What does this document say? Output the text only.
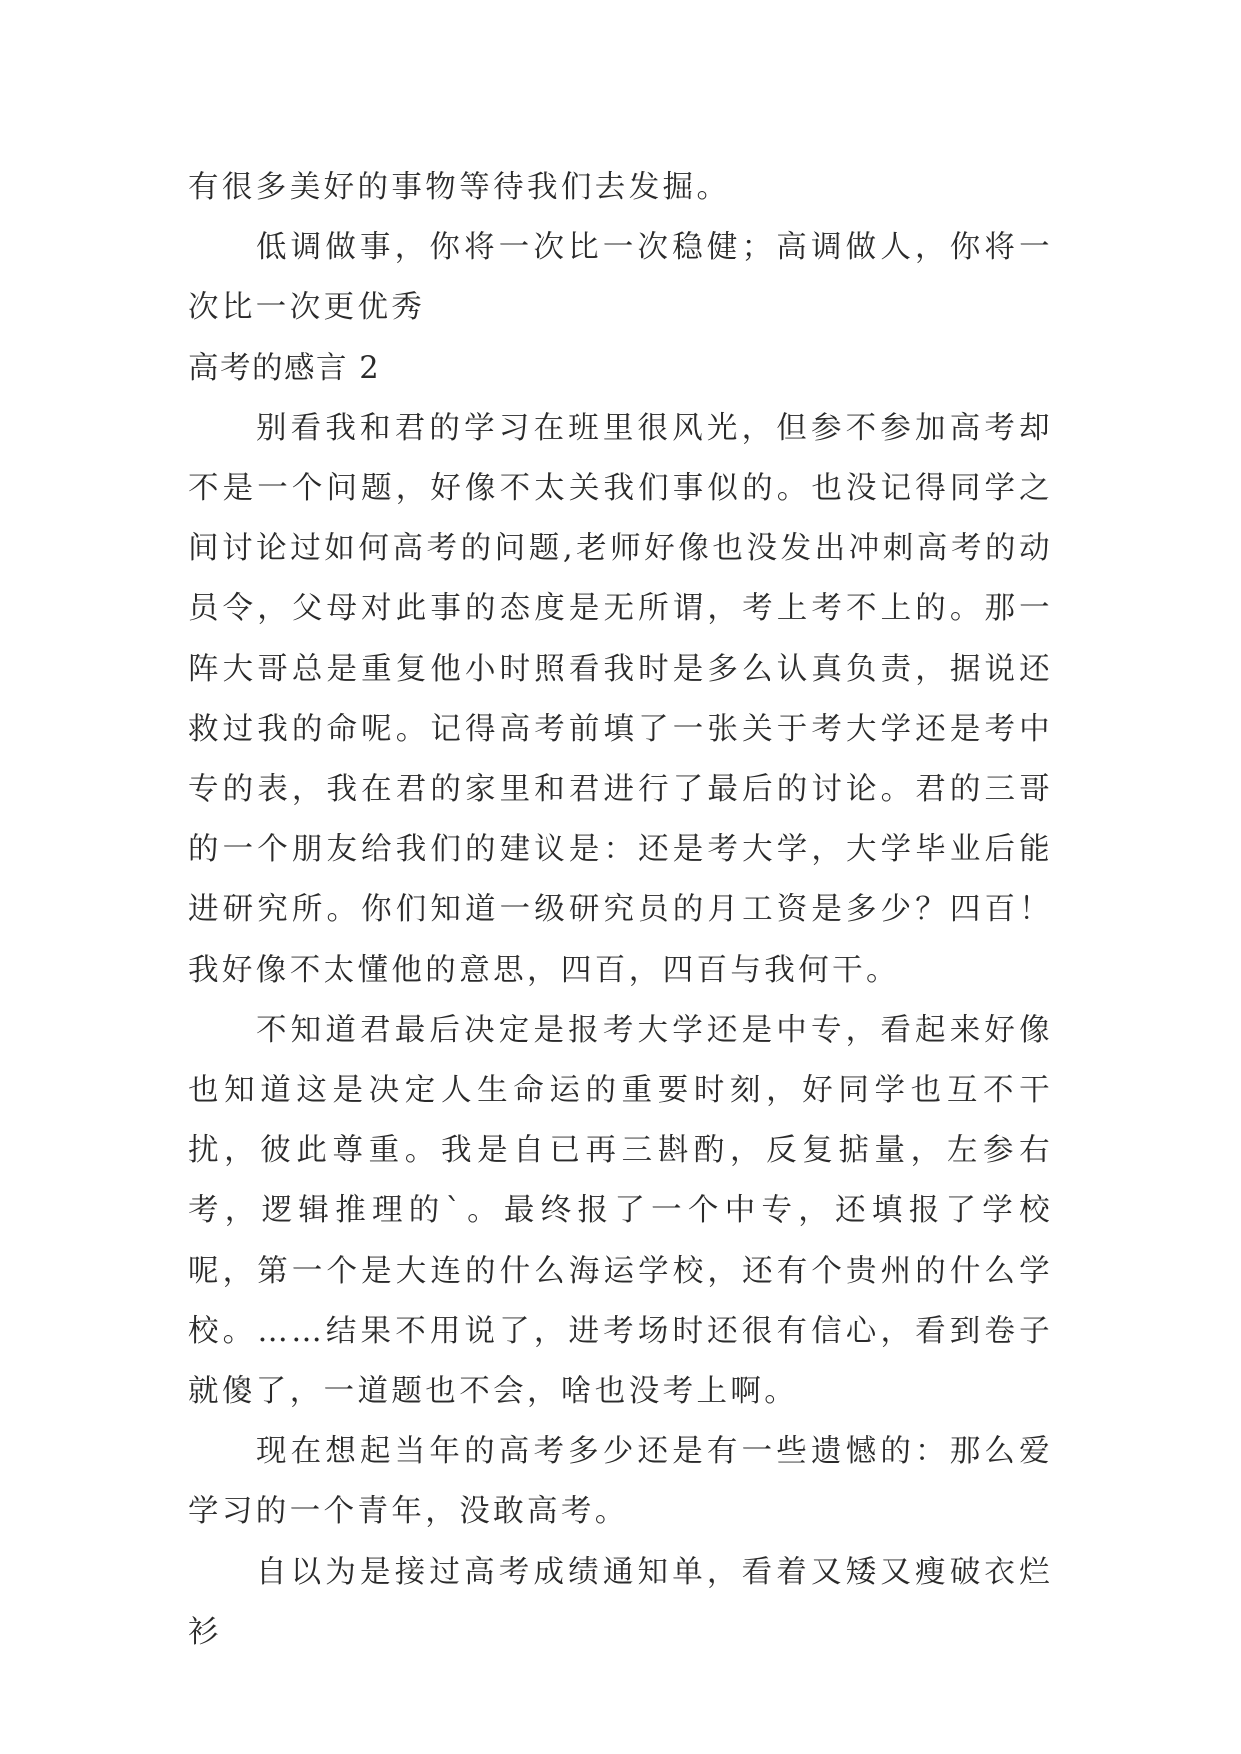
有很多美好的事物等待我们去发掘。

低调做事，你将一次比一次稳健；高调做人，你将一次比一次更优秀

高考的感言 2

别看我和君的学习在班里很风光，但参不参加高考却不是一个问题，好像不太关我们事似的。也没记得同学之间讨论过如何高考的问题,老师好像也没发出冲刺高考的动员令，父母对此事的态度是无所谓，考上考不上的。那一阵大哥总是重复他小时照看我时是多么认真负责，据说还救过我的命呢。记得高考前填了一张关于考大学还是考中专的表，我在君的家里和君进行了最后的讨论。君的三哥的一个朋友给我们的建议是：还是考大学，大学毕业后能进研究所。你们知道一级研究员的月工资是多少？四百！我好像不太懂他的意思，四百，四百与我何干。

不知道君最后决定是报考大学还是中专，看起来好像也知道这是决定人生命运的重要时刻，好同学也互不干扰，彼此尊重。我是自已再三斟酌，反复掂量，左参右考，逻辑推理的`。最终报了一个中专，还填报了学校呢，第一个是大连的什么海运学校，还有个贵州的什么学校。……结果不用说了，进考场时还很有信心，看到卷子就傻了，一道题也不会，啥也没考上啊。

现在想起当年的高考多少还是有一些遗憾的：那么爱学习的一个青年，没敢高考。

自以为是接过高考成绩通知单，看着又矮又瘦破衣烂衫
